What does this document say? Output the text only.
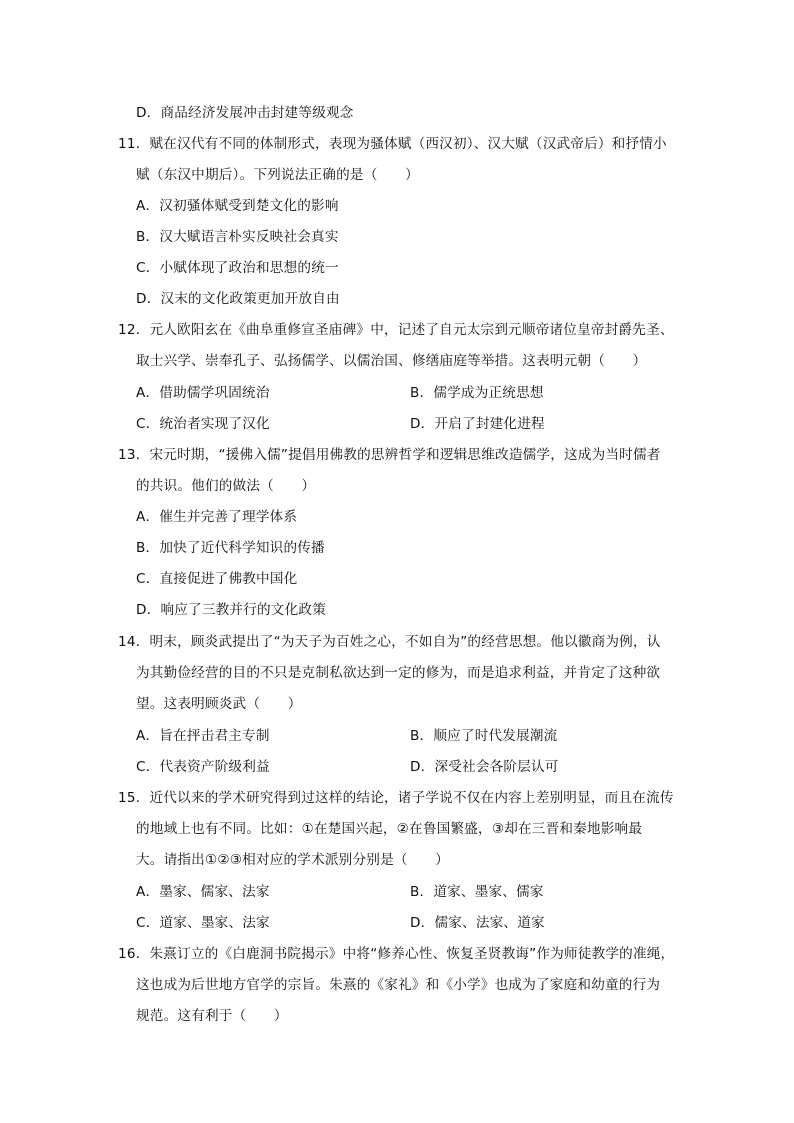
D．商品经济发展冲击封建等级观念
11．赋在汉代有不同的体制形式，表现为骚体赋（西汉初）、汉大赋（汉武帝后）和抒情小
赋（东汉中期后）。下列说法正确的是（　　）
A．汉初骚体赋受到楚文化的影响
B．汉大赋语言朴实反映社会真实
C．小赋体现了政治和思想的统一
D．汉末的文化政策更加开放自由
12．元人欧阳玄在《曲阜重修宣圣庙碑》中，记述了自元太宗到元顺帝诸位皇帝封爵先圣、
取士兴学、崇奉孔子、弘扬儒学、以儒治国、修缮庙庭等举措。这表明元朝（　　）
A．借助儒学巩固统治	B．儒学成为正统思想
C．统治者实现了汉化	D．开启了封建化进程
13．宋元时期，“援佛入儒”提倡用佛教的思辨哲学和逻辑思维改造儒学，这成为当时儒者
的共识。他们的做法（　　）
A．催生并完善了理学体系
B．加快了近代科学知识的传播
C．直接促进了佛教中国化
D．响应了三教并行的文化政策
14．明末，顾炎武提出了“为天子为百姓之心，不如自为”的经营思想。他以徽商为例，认
为其勤俭经营的目的不只是克制私欲达到一定的修为，而是追求利益，并肯定了这种欲
望。这表明顾炎武（　　）
A．旨在抨击君主专制	B．顺应了时代发展潮流
C．代表资产阶级利益	D．深受社会各阶层认可
15．近代以来的学术研究得到过这样的结论，诸子学说不仅在内容上差别明显，而且在流传
的地域上也有不同。比如：①在楚国兴起，②在鲁国繁盛，③却在三晋和秦地影响最
大。请指出①②③相对应的学术派别分别是（　　）
A．墨家、儒家、法家	B．道家、墨家、儒家
C．道家、墨家、法家	D．儒家、法家、道家
16．朱熹订立的《白鹿洞书院揭示》中将“修养心性、恢复圣贤教诲”作为师徒教学的准绳，
这也成为后世地方官学的宗旨。朱熹的《家礼》和《小学》也成为了家庭和幼童的行为
规范。这有利于（　　）
